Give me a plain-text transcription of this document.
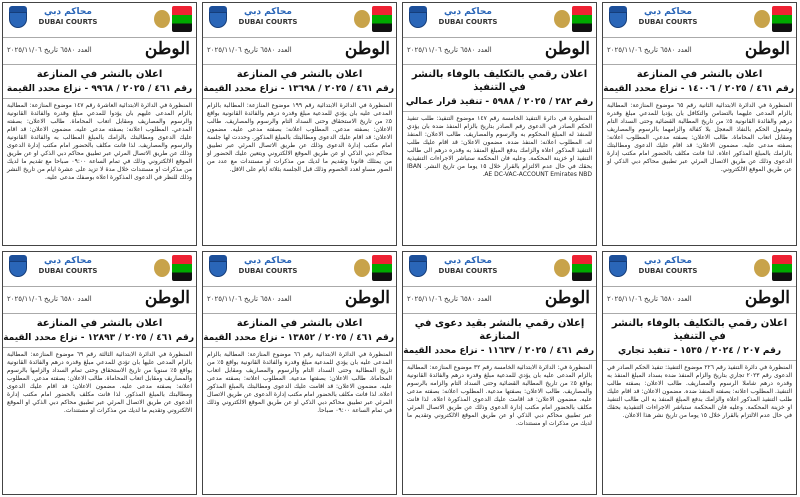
محاكم دبي
DUBAI COURTS
الوطن
العدد ٦٥٨٠ تاريخ ٢٠٢٥/١١/٠٦
اعلان بالنشر في المنازعة
رقم ٤٦١ / ٢٠٢٥ / ٩٩٦٨ - نزاع محدد القيمة
المنظورة في الدائرة الابتدائية العاشرة رقم ١٤٧ موضوع المنازعة: المطالبة بالزام المدعى عليهم بان يؤدوا للمدعي مبلغ وقدره والفائدة القانونية والرسوم والمصاريف ومقابل اتعاب المحاماة. طالب الاعلان: بصفته المدعي. المطلوب اعلانه: بصفته مدعى عليه. مضمون الاعلان: قد اقام عليك الدعوى ومطالبتك بالزامك بالمبلغ المطالب به والفائدة القانونية والرسوم والمصاريف. لذا فانت مكلف بالحضور امام مكتب إدارة الدعوى وذلك عن طريق الاتصال المرئي عبر تطبيق محاكم دبي الذكي او عن طريق الموقع الالكتروني وذلك في تمام الساعة ٠٩:٠٠ صباحا مع تقديم ما لديك من مذكرات او مستندات خلال مدة لا تزيد على عشرة ايام من تاريخ النشر وذلك للنظر في الدعوى المذكورة اعلاه بوصفك مدعى عليه.
محاكم دبي
DUBAI COURTS
الوطن
العدد ٦٥٨٠ تاريخ ٢٠٢٥/١١/٠٦
اعلان بالنشر في المنازعة
رقم ٤٦١ / ٢٠٢٥ / ١٣٦٩٨ - نزاع محدد القيمة
المنظورة في الدائرة الابتدائية رقم ١٩٩ موضوع المنازعة: المطالبة بالزام المدعى عليه بان يؤدي للمدعية مبلغ وقدره درهم والفائدة القانونية بواقع ٥٪ من تاريخ الاستحقاق وحتى السداد التام والرسوم والمصاريف. طالب الاعلان: بصفته مدعي. المطلوب اعلانه: بصفته مدعى عليه. مضمون الاعلان: قد اقام عليك الدعوى ومطالبتك بالمبلغ المذكور. وحددت لها جلسة امام مكتب إدارة الدعوى وذلك عن طريق الاتصال المرئي عبر تطبيق محاكم دبي الذكي او عن طريق الموقع الالكتروني ويتعين عليك الحضور او من يمثلك قانونا وتقديم ما لديك من مذكرات او مستندات مع عدد من الصور مساو لعدد الخصوم وذلك قبل الجلسة بثلاثة ايام على الاقل.
محاكم دبي
DUBAI COURTS
الوطن
العدد ٦٥٨٠ تاريخ ٢٠٢٥/١١/٠٦
اعلان رقمي بالتكليف بالوفاء بالنشر في التنفيذ
رقم ٢٨٢ / ٢٠٢٥ / ٥٩٨٨ - تنفيذ قرار عمالي
المنظورة في دائرة التنفيذ الخامسة رقم ١٤٧ موضوع التنفيذ: طلب تنفيذ الحكم الصادر في الدعوى رقم الصادر بتاريخ بالزام المنفذ ضده بان يؤدي للمنفذ له المبلغ المحكوم به والرسوم والمصاريف. طالب الاعلان: المنفذ له. المطلوب اعلانه: المنفذ ضده. مضمون الاعلان: قد اقام عليك طلب التنفيذ المذكور اعلاه والزامك بدفع المبلغ المنفذ به وقدره درهم الى طالب التنفيذ او خزينة المحكمة. وعليه فان المحكمة ستباشر الاجراءات التنفيذية بحقك في حال عدم الالتزام بالقرار خلال ١٥ يوما من تاريخ النشر. IBAN AE DC-VAC-ACCOUNT Emirates NBD.
محاكم دبي
DUBAI COURTS
الوطن
العدد ٦٥٨٠ تاريخ ٢٠٢٥/١١/٠٦
اعلان بالنشر في المنازعة
رقم ٤٦١ / ٢٠٢٥ / ١٤٠٠٦ - نزاع محدد القيمة
المنظورة في الدائرة الابتدائية الثانية رقم ٦٥ موضوع المنازعة: المطالبة بالزام المدعى عليهما بالتضامن والتكافل بان يؤديا للمدعي مبلغ وقدره درهم والفائدة القانونية ٥٪ من تاريخ المطالبة القضائية وحتى السداد التام وشمول الحكم بالنفاذ المعجل بلا كفالة والزامهما بالرسوم والمصاريف ومقابل اتعاب المحاماة. طالب الاعلان: بصفته مدعي. المطلوب اعلانه: بصفته مدعى عليه. مضمون الاعلان: قد اقام عليك الدعوى ومطالبتك بالزامك بالمبلغ المذكور اعلاه. لذا فانت مكلف بالحضور امام مكتب إدارة الدعوى وذلك عن طريق الاتصال المرئي عبر تطبيق محاكم دبي الذكي او عن طريق الموقع الالكتروني.
محاكم دبي
DUBAI COURTS
الوطن
العدد ٦٥٨٠ تاريخ ٢٠٢٥/١١/٠٦
اعلان بالنشر في المنازعة
رقم ٤٦١ / ٢٠٢٥ / ١٢٨٩٣ - نزاع محدد القيمة
المنظورة في الدائرة الابتدائية الثالثة رقم ٦٩ موضوع المنازعة: المطالبة بالزام المدعى عليها بان تؤدي للمدعي مبلغ وقدره درهم والفائدة القانونية بواقع ٥٪ سنويا من تاريخ الاستحقاق وحتى تمام السداد والزامها بالرسوم والمصاريف ومقابل اتعاب المحاماة. طالب الاعلان: بصفته مدعي. المطلوب اعلانه: بصفته مدعى عليه. مضمون الاعلان: قد اقام عليك الدعوى ومطالبتك بالمبلغ المذكور. لذا فانت مكلف بالحضور امام مكتب إدارة الدعوى عن طريق الاتصال المرئي عبر تطبيق محاكم دبي الذكي او الموقع الالكتروني وتقديم ما لديك من مذكرات او مستندات.
محاكم دبي
DUBAI COURTS
الوطن
العدد ٦٥٨٠ تاريخ ٢٠٢٥/١١/٠٦
اعلان بالنشر في المنازعة
رقم ٤٦١ / ٢٠٢٥ / ١٣٨٥٢ - نزاع محدد القيمة
المنظورة في الدائرة الابتدائية رقم ٦٦ موضوع المنازعة: المطالبة بالزام المدعى عليه بان يؤدي للمدعية مبلغ وقدره والفائدة القانونية بواقع ٥٪ من تاريخ المطالبة وحتى السداد التام والرسوم والمصاريف ومقابل اتعاب المحاماة. طالب الاعلان: بصفتها مدعية. المطلوب اعلانه: بصفته مدعى عليه. مضمون الاعلان: قد اقامت عليك الدعوى ومطالبتك بالمبلغ المذكور اعلاه. لذا فانت مكلف بالحضور امام مكتب إدارة الدعوى عن طريق الاتصال المرئي عبر تطبيق محاكم دبي الذكي او عن طريق الموقع الالكتروني وذلك في تمام الساعة ٠٩:٠٠ صباحا.
محاكم دبي
DUBAI COURTS
الوطن
العدد ٦٥٨٠ تاريخ ٢٠٢٥/١١/٠٦
إعلان رقمي بالنشر بقيد دعوى في المنازعة
رقم ٤٦١ / ٢٠٢٥ / ١١٦٣٧ - نزاع محدد القيمة
المنظورة في: الدائرة الابتدائية الخامسة رقم ٣٢ موضوع المنازعة: المطالبة بالزام المدعى عليه بان يؤدي للمدعية مبلغ وقدره درهم والفائدة القانونية بواقع ٥٪ من تاريخ المطالبة القضائية وحتى السداد التام والزامه بالرسوم والمصاريف. طالب الاعلان: بصفتها مدعية. المطلوب اعلانه: بصفته مدعى عليه. مضمون الاعلان: قد اقامت عليك الدعوى المذكورة اعلاه. لذا فانت مكلف بالحضور امام مكتب إدارة الدعوى وذلك عن طريق الاتصال المرئي عبر تطبيق محاكم دبي الذكي او عن طريق الموقع الالكتروني وتقديم ما لديك من مذكرات او مستندات.
محاكم دبي
DUBAI COURTS
الوطن
العدد ٦٥٨٠ تاريخ ٢٠٢٥/١١/٠٦
اعلان رقمي بالتكليف بالوفاء بالنشر في التنفيذ
رقم ٢٠٧ / ٢٠٢٤ / ١٥٣٥ - تنفيذ تجاري
المنظورة في دائرة التنفيذ رقم ٢٢٦ موضوع التنفيذ: تنفيذ الحكم الصادر في الدعوى رقم ٢٠٢٣ تجاري بتاريخ والزام المنفذ ضده بسداد المبلغ المنفذ به وقدره درهم شاملا الرسوم والمصاريف. طالب الاعلان: بصفته طالب التنفيذ. المطلوب اعلانه: بصفته المنفذ ضده. مضمون الاعلان: قد اقام عليك طلب التنفيذ المذكور اعلاه والزامك بدفع المبلغ المنفذ به الى طالب التنفيذ او خزينة المحكمة. وعليه فان المحكمة ستباشر الاجراءات التنفيذية بحقك في حال عدم الالتزام بالقرار خلال ١٥ يوما من تاريخ نشر هذا الاعلان.
